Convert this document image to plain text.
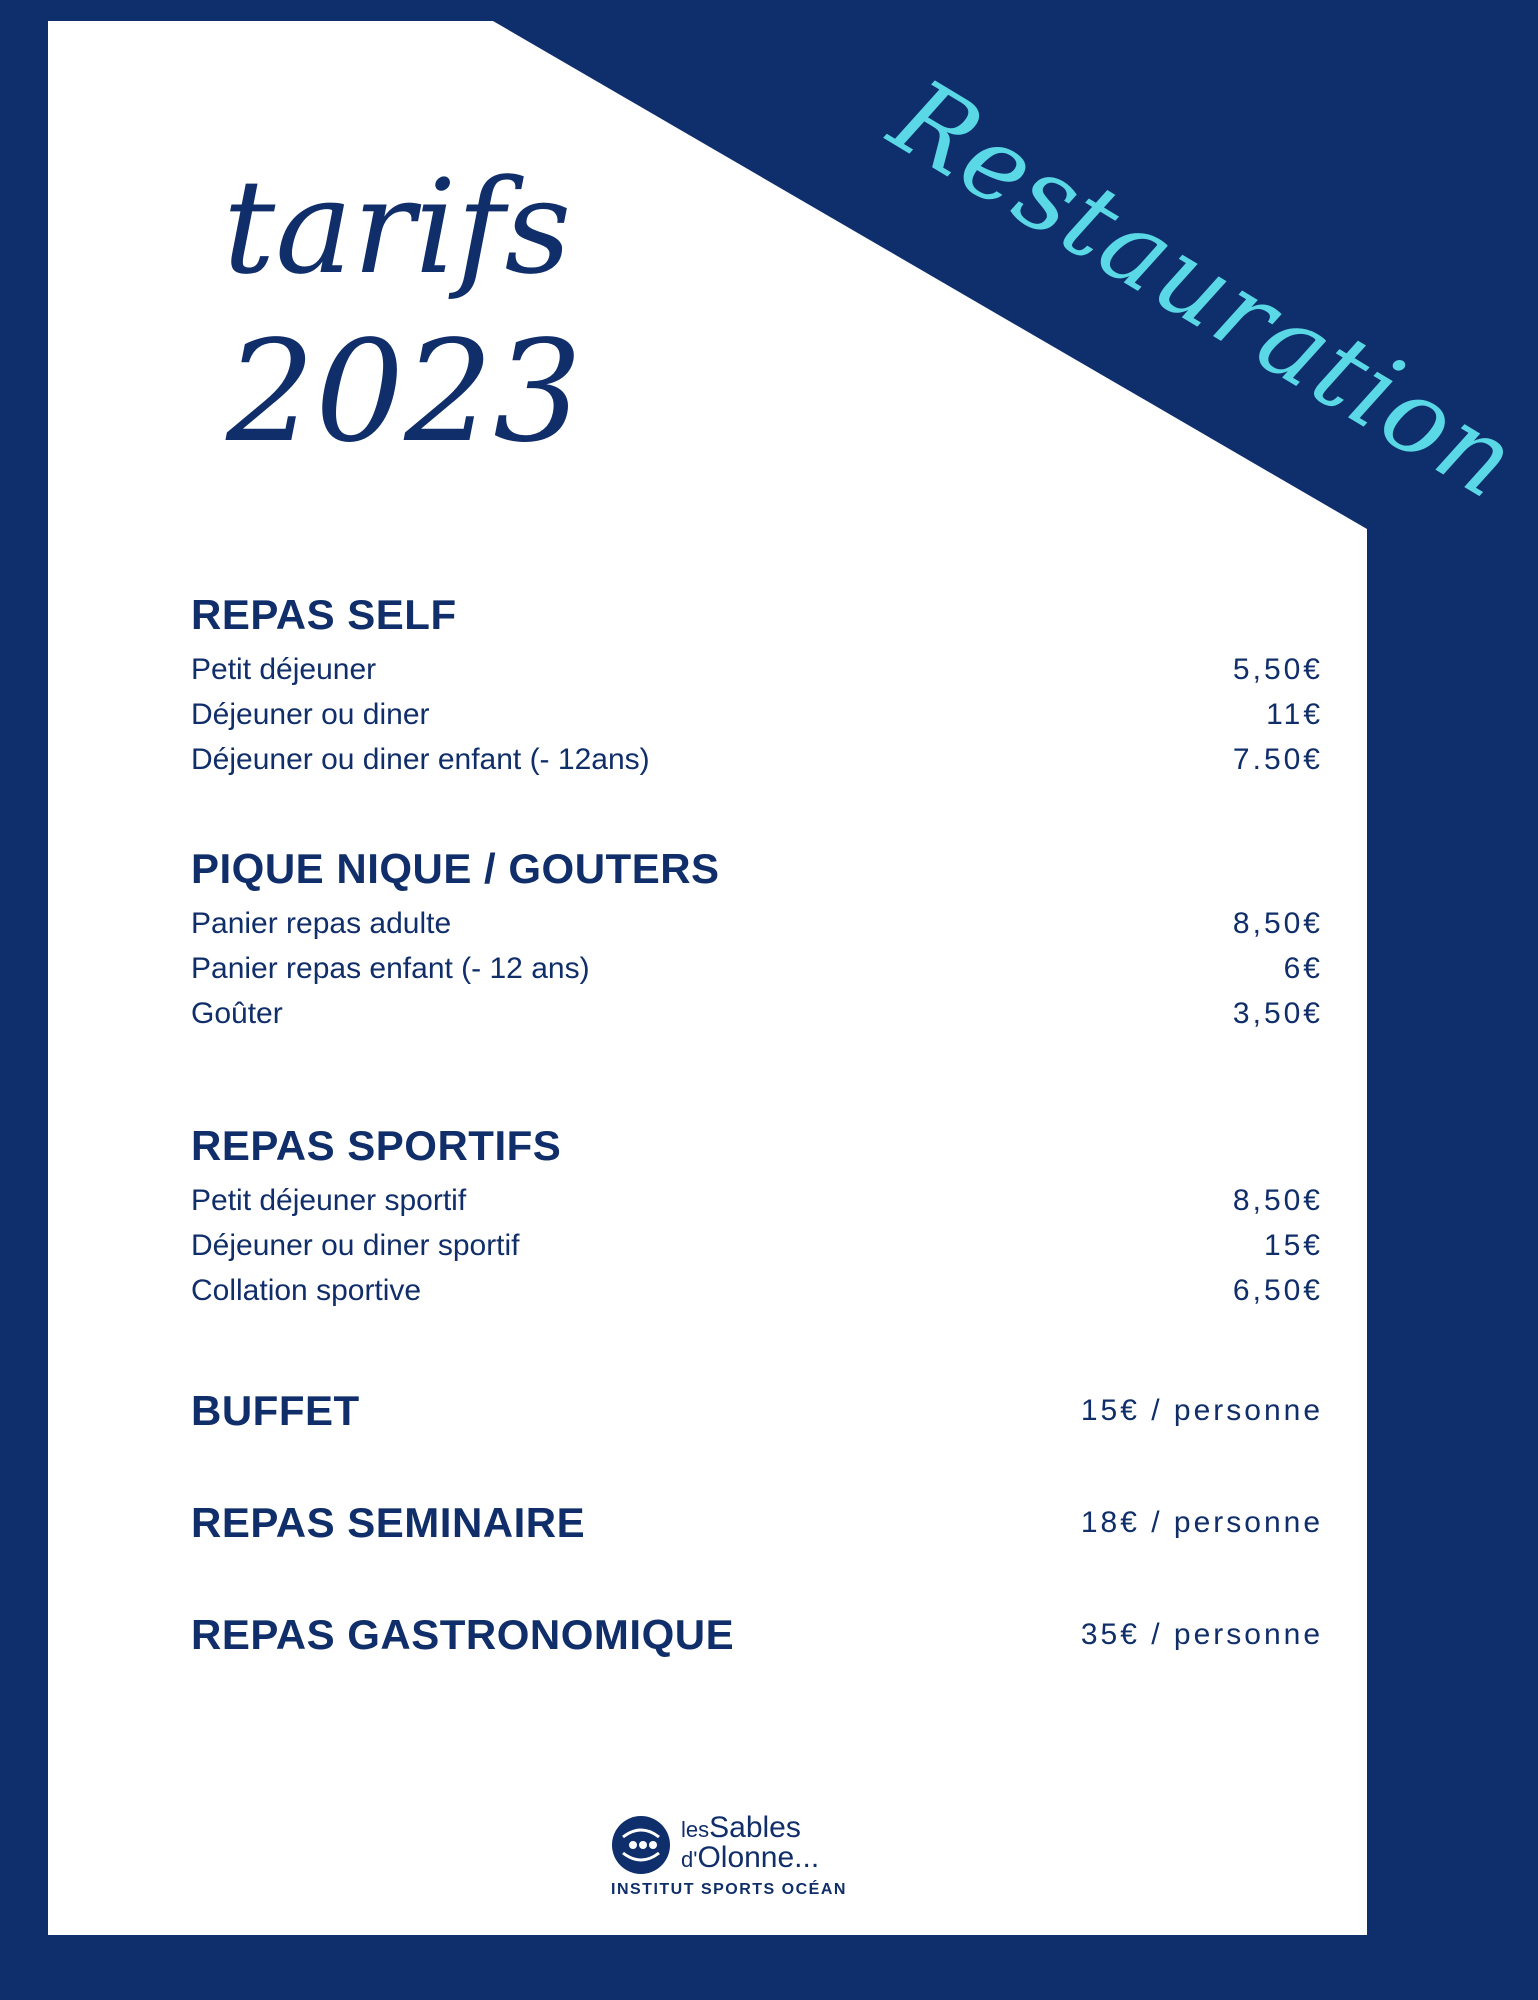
Restauration
tarifs
2023
REPAS SELF
Petit déjeuner	5,50€
Déjeuner ou diner	11€
Déjeuner ou diner enfant (- 12ans)	7.50€
PIQUE NIQUE / GOUTERS
Panier repas adulte	8,50€
Panier repas enfant (- 12 ans)	6€
Goûter	3,50€
REPAS SPORTIFS
Petit déjeuner sportif	8,50€
Déjeuner ou diner sportif	15€
Collation sportive	6,50€
BUFFET	15€ / personne
REPAS SEMINAIRE	18€ / personne
REPAS GASTRONOMIQUE	35€ / personne
lesSables
d'Olonne...
INSTITUT SPORTS OCÉAN
